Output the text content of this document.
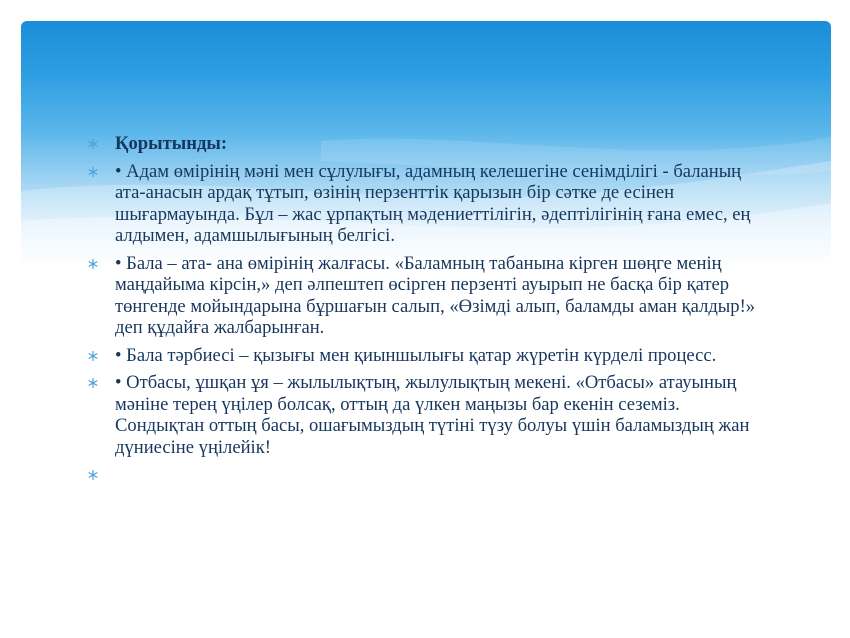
Қорытынды:
• Адам өмірінің мәні мен сұлулығы, адамның келешегіне сенімділігі - баланың ата-анасын ардақ тұтып, өзінің перзенттік қарызын бір сәтке де есінен шығармауында. Бұл – жас ұрпақтың мәдениеттілігін, әдептілігінің ғана емес, ең алдымен, адамшылығының белгісі.
• Бала – ата- ана өмірінің жалғасы. «Баламның табанына кірген шөңге менің маңдайыма кірсін,» деп әлпештеп өсірген перзенті ауырып не басқа бір қатер төнгенде мойындарына бұршағын салып, «Өзімді алып, баламды аман қалдыр!» деп құдайға жалбарынған.
• Бала тәрбиесі – қызығы мен қиыншылығы қатар жүретін күрделі процесс.
• Отбасы, ұшқан ұя – жылылықтың, жылулықтың мекені. «Отбасы» атауының мәніне терең үңілер болсақ, оттың да үлкен маңызы бар екенін сеземіз. Сондықтан оттың басы, ошағымыздың түтіні түзу болуы үшін баламыздың жан дүниесіне үңілейік!
